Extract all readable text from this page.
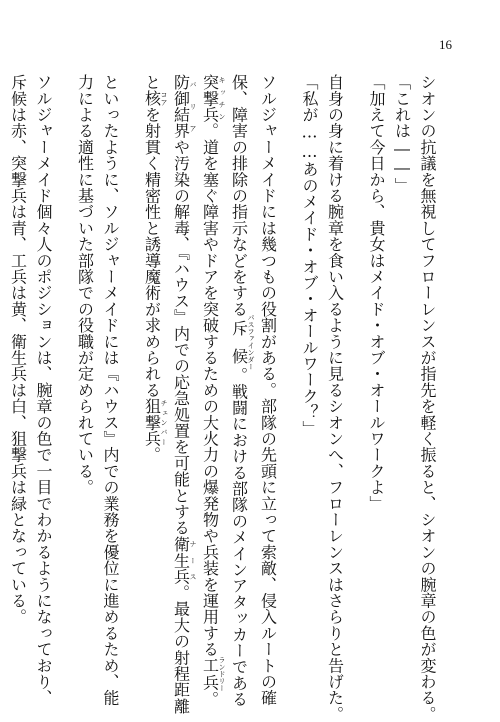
16
シオンの抗議を無視してフローレンスが指先を軽く振ると、シオンの腕章の色が変わる。
「これは――」
「加えて今日から、貴女はメイド・オブ・オールワークよ」
自身の身に着ける腕章を食い入るように見るシオンへ、フローレンスはさらりと告げた。
「私が……あのメイド・オブ・オールワーク？」
ソルジャーメイドには幾つもの役割がある。部隊の先頭に立って索敵、侵入ルートの確
保、障害の排除の指示などをする斥候パスファインダー。戦闘における部隊のメインアタッカーである
突撃兵キッチン。道を塞ぐ障害やドアを突破するための大火力の爆発物や兵装を運用する工兵ランドリー。
防御結界バリアや汚染の解毒、『ハウス』内での応急処置を可能とする衛生兵ナース。最大の射程距離
と核コアを射貫く精密性と誘導魔術が求められる狙撃兵チェンバー。
といったように、ソルジャーメイドには『ハウス』内での業務を優位に進めるため、能
力による適性に基づいた部隊での役職が定められている。
ソルジャーメイド個々人のポジションは、腕章の色で一目でわかるようになっており、
斥候は赤、突撃兵は青、工兵は黄、衛生兵は白、狙撃兵は緑となっている。
